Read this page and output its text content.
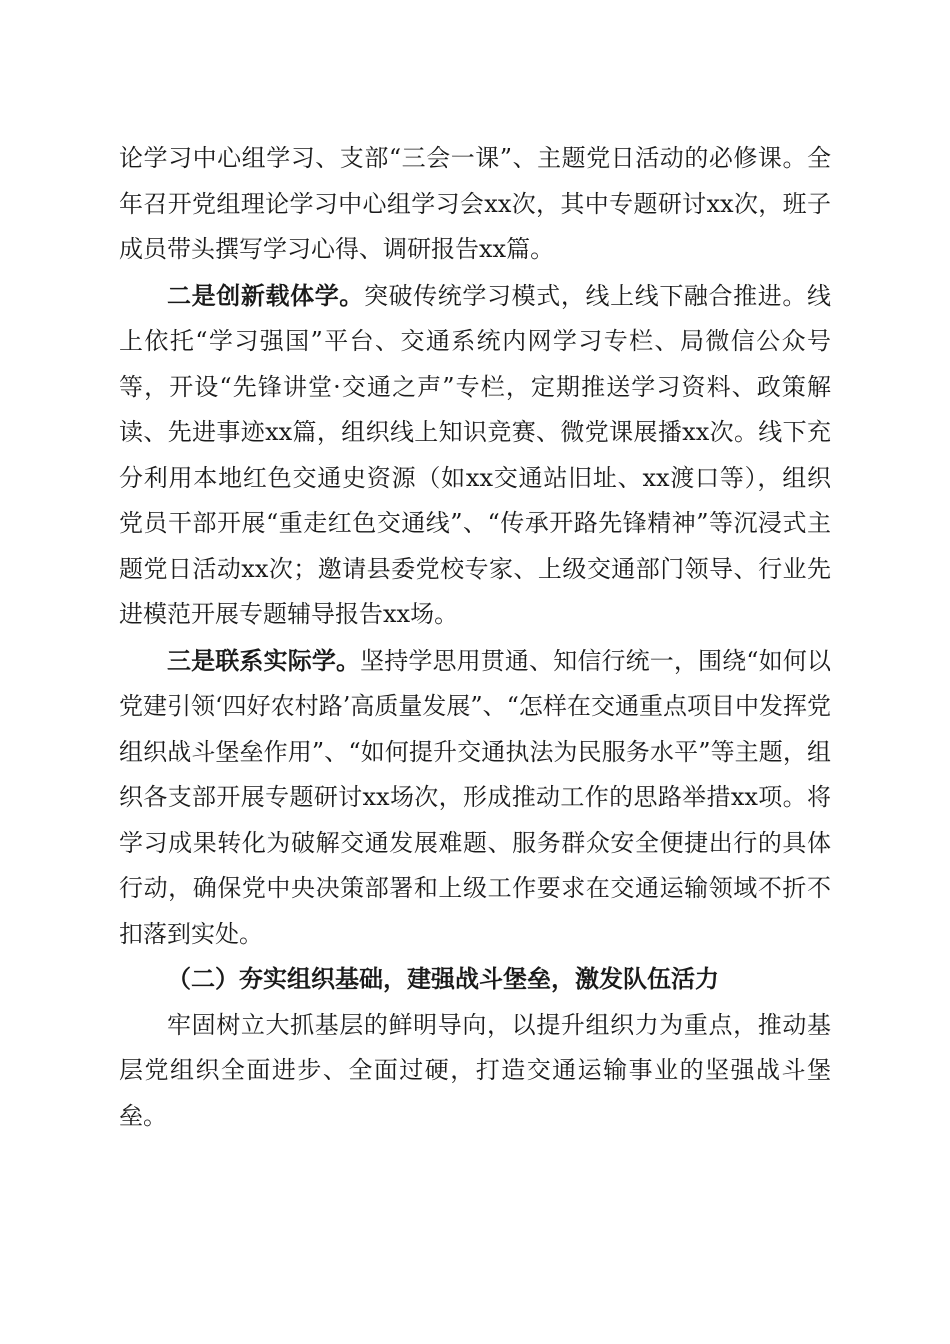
论学习中心组学习、支部“三会一课”、主题党日活动的必修课。全年召开党组理论学习中心组学习会xx次，其中专题研讨xx次，班子成员带头撰写学习心得、调研报告xx篇。

二是创新载体学。突破传统学习模式，线上线下融合推进。线上依托“学习强国”平台、交通系统内网学习专栏、局微信公众号等，开设“先锋讲堂·交通之声”专栏，定期推送学习资料、政策解读、先进事迹xx篇，组织线上知识竞赛、微党课展播xx次。线下充分利用本地红色交通史资源（如xx交通站旧址、xx渡口等），组织党员干部开展“重走红色交通线”、“传承开路先锋精神”等沉浸式主题党日活动xx次；邀请县委党校专家、上级交通部门领导、行业先进模范开展专题辅导报告xx场。

三是联系实际学。坚持学思用贯通、知信行统一，围绕“如何以党建引领‘四好农村路’高质量发展”、“怎样在交通重点项目中发挥党组织战斗堡垒作用”、“如何提升交通执法为民服务水平”等主题，组织各支部开展专题研讨xx场次，形成推动工作的思路举措xx项。将学习成果转化为破解交通发展难题、服务群众安全便捷出行的具体行动，确保党中央决策部署和上级工作要求在交通运输领域不折不扣落到实处。

（二）夯实组织基础，建强战斗堡垒，激发队伍活力

牢固树立大抓基层的鲜明导向，以提升组织力为重点，推动基层党组织全面进步、全面过硬，打造交通运输事业的坚强战斗堡垒。
